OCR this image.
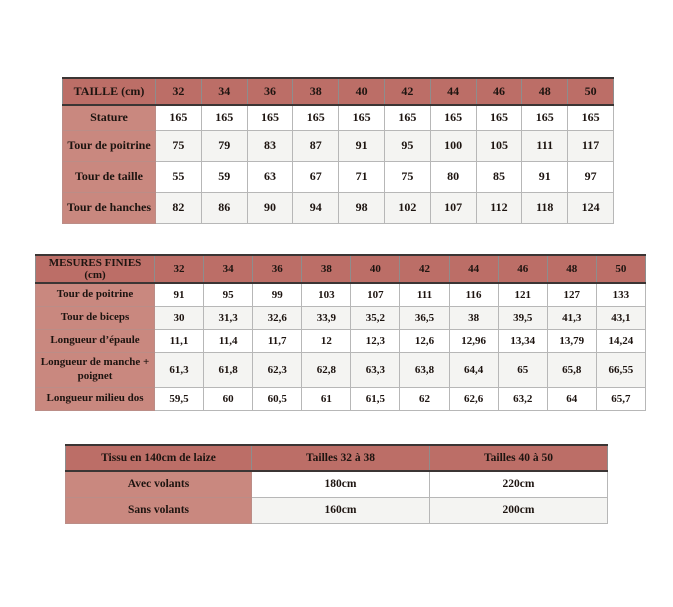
TAILLE (cm)	32	34	36	38	40	42	44	46	48	50
Stature	165	165	165	165	165	165	165	165	165	165
Tour de poitrine	75	79	83	87	91	95	100	105	111	117
Tour de taille	55	59	63	67	71	75	80	85	91	97
Tour de hanches	82	86	90	94	98	102	107	112	118	124
MESURES FINIES (cm)	32	34	36	38	40	42	44	46	48	50
Tour de poitrine	91	95	99	103	107	111	116	121	127	133
Tour de biceps	30	31,3	32,6	33,9	35,2	36,5	38	39,5	41,3	43,1
Longueur d’épaule	11,1	11,4	11,7	12	12,3	12,6	12,96	13,34	13,79	14,24
Longueur de manche + poignet	61,3	61,8	62,3	62,8	63,3	63,8	64,4	65	65,8	66,55
Longueur milieu dos	59,5	60	60,5	61	61,5	62	62,6	63,2	64	65,7
Tissu en 140cm de laize	Tailles 32 à 38	Tailles 40 à 50
Avec volants	180cm	220cm
Sans volants	160cm	200cm
